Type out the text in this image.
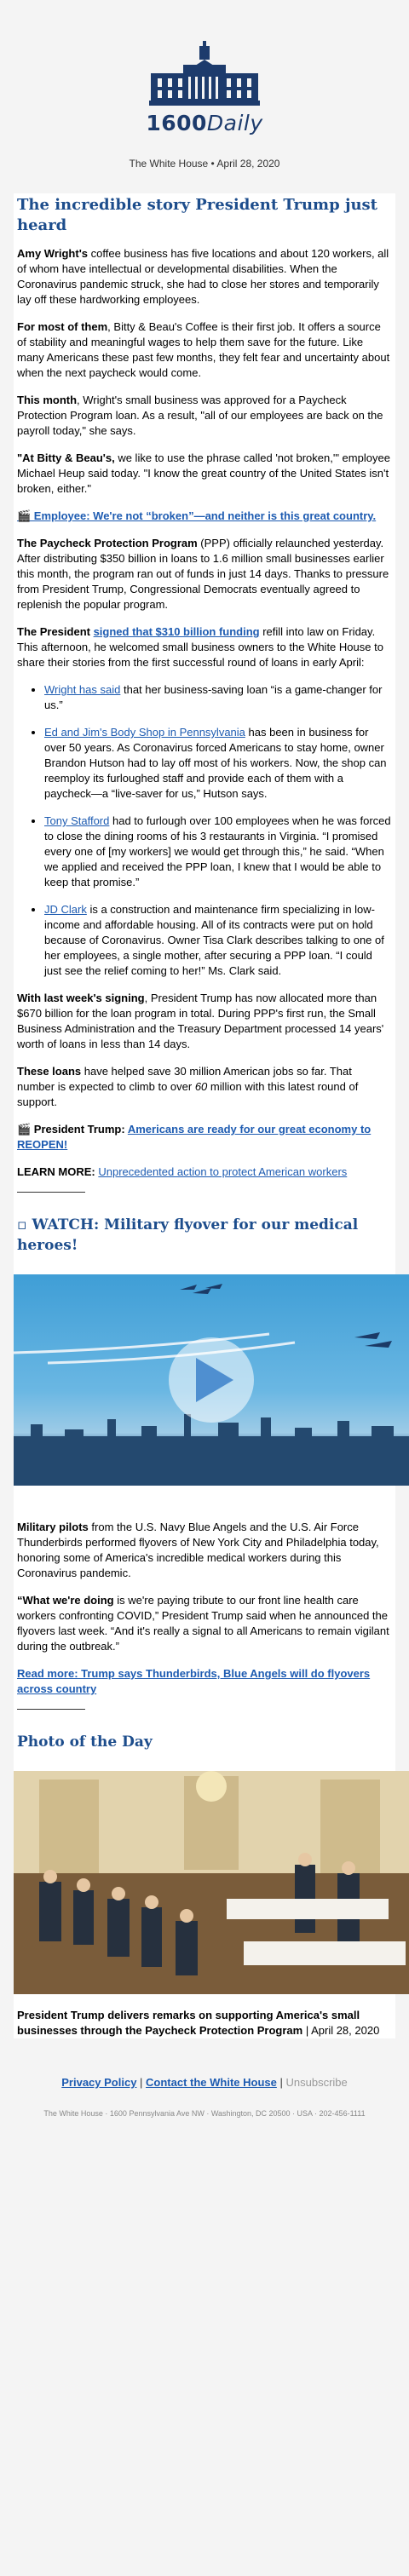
1600Daily
The White House • April 28, 2020
The incredible story President Trump just heard

Amy Wright's coffee business has five locations and about 120 workers, all of whom have intellectual or developmental disabilities. When the Coronavirus pandemic struck, she had to close her stores and temporarily lay off these hardworking employees.

For most of them, Bitty & Beau's Coffee is their first job. It offers a source of stability and meaningful wages to help them save for the future. Like many Americans these past few months, they felt fear and uncertainty about when the next paycheck would come.

This month, Wright's small business was approved for a Paycheck Protection Program loan. As a result, "all of our employees are back on the payroll today," she says.

"At Bitty & Beau's, we like to use the phrase called 'not broken,'" employee Michael Heup said today. "I know the great country of the United States isn't broken, either."

🎬 Employee: We're not “broken”—and neither is this great country.

The Paycheck Protection Program (PPP) officially relaunched yesterday. After distributing $350 billion in loans to 1.6 million small businesses earlier this month, the program ran out of funds in just 14 days. Thanks to pressure from President Trump, Congressional Democrats eventually agreed to replenish the popular program.

The President signed that $310 billion funding refill into law on Friday. This afternoon, he welcomed small business owners to the White House to share their stories from the first successful round of loans in early April:

• Wright has said that her business-saving loan “is a game-changer for us.”
• Ed and Jim's Body Shop in Pennsylvania has been in business for over 50 years. As Coronavirus forced Americans to stay home, owner Brandon Hutson had to lay off most of his workers. Now, the shop can reemploy its furloughed staff and provide each of them with a paycheck—a “live-saver for us,” Hutson says.
• Tony Stafford had to furlough over 100 employees when he was forced to close the dining rooms of his 3 restaurants in Virginia. “I promised every one of [my workers] we would get through this,” he said. “When we applied and received the PPP loan, I knew that I would be able to keep that promise.”
• JD Clark is a construction and maintenance firm specializing in low-income and affordable housing. All of its contracts were put on hold because of Coronavirus. Owner Tisa Clark describes talking to one of her employees, a single mother, after securing a PPP loan. “I could just see the relief coming to her!” Ms. Clark said.

With last week's signing, President Trump has now allocated more than $670 billion for the loan program in total. During PPP's first run, the Small Business Administration and the Treasury Department processed 14 years' worth of loans in less than 14 days.

These loans have helped save 30 million American jobs so far. That number is expected to climb to over 60 million with this latest round of support.

🎬 President Trump: Americans are ready for our great economy to REOPEN!

LEARN MORE: Unprecedented action to protect American workers

▫ WATCH: Military flyover for our medical heroes!

Military pilots from the U.S. Navy Blue Angels and the U.S. Air Force Thunderbirds performed flyovers of New York City and Philadelphia today, honoring some of America's incredible medical workers during this Coronavirus pandemic.

“What we're doing is we're paying tribute to our front line health care workers confronting COVID,” President Trump said when he announced the flyovers last week. “And it's really a signal to all Americans to remain vigilant during the outbreak.”

Read more: Trump says Thunderbirds, Blue Angels will do flyovers across country

Photo of the Day

President Trump delivers remarks on supporting America's small businesses through the Paycheck Protection Program | April 28, 2020

Privacy Policy | Contact the White House | Unsubscribe
The White House · 1600 Pennsylvania Ave NW · Washington, DC 20500 · USA · 202-456-1111
